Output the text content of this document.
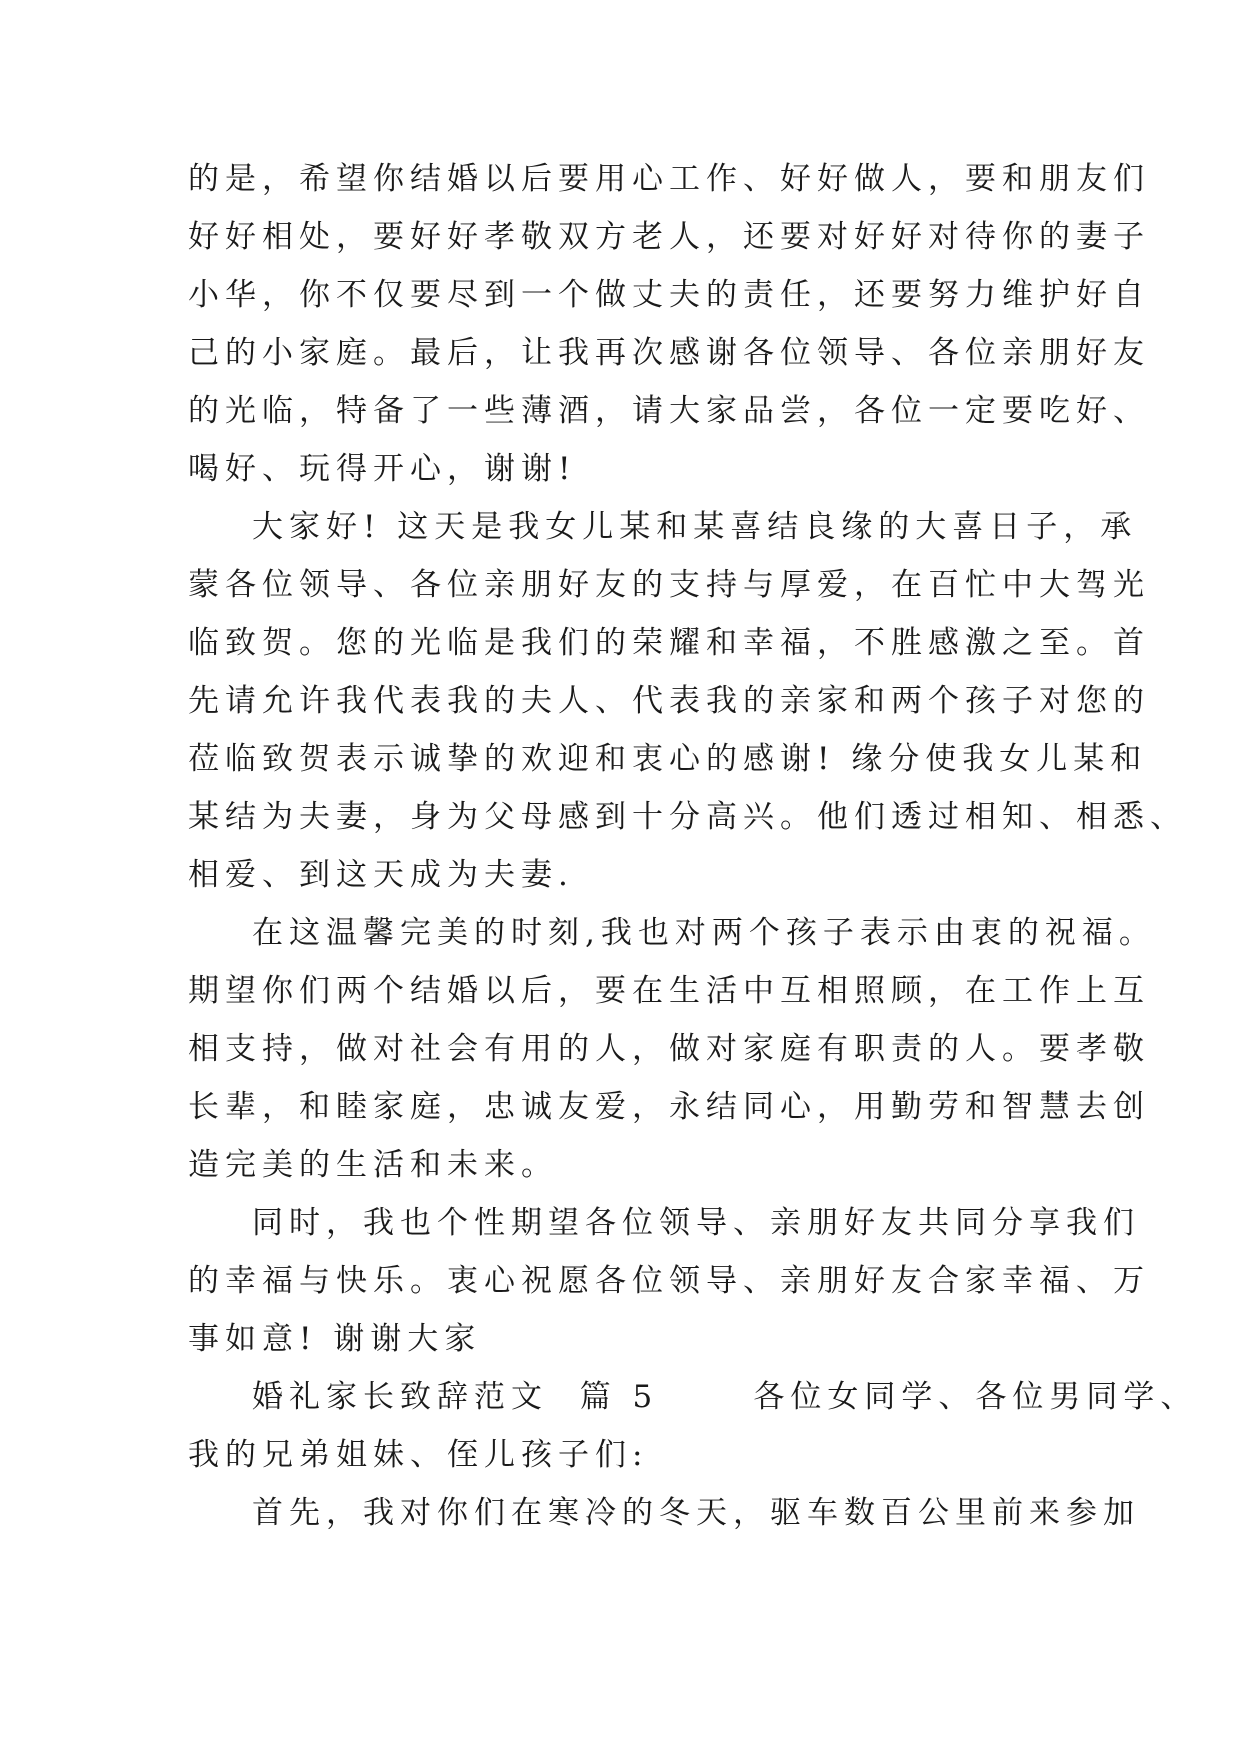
的是，希望你结婚以后要用心工作、好好做人，要和朋友们
好好相处，要好好孝敬双方老人，还要对好好对待你的妻子
小华，你不仅要尽到一个做丈夫的责任，还要努力维护好自
己的小家庭。最后，让我再次感谢各位领导、各位亲朋好友
的光临，特备了一些薄酒，请大家品尝，各位一定要吃好、
喝好、玩得开心，谢谢!
大家好! 这天是我女儿某和某喜结良缘的大喜日子，承
蒙各位领导、各位亲朋好友的支持与厚爱，在百忙中大驾光
临致贺。您的光临是我们的荣耀和幸福，不胜感激之至。首
先请允许我代表我的夫人、代表我的亲家和两个孩子对您的
莅临致贺表示诚挚的欢迎和衷心的感谢! 缘分使我女儿某和
某结为夫妻，身为父母感到十分高兴。他们透过相知、相悉、
相爱、到这天成为夫妻.
在这温馨完美的时刻,我也对两个孩子表示由衷的祝福。
期望你们两个结婚以后，要在生活中互相照顾，在工作上互
相支持，做对社会有用的人，做对家庭有职责的人。要孝敬
长辈，和睦家庭，忠诚友爱，永结同心，用勤劳和智慧去创
造完美的生活和未来。
同时，我也个性期望各位领导、亲朋好友共同分享我们
的幸福与快乐。衷心祝愿各位领导、亲朋好友合家幸福、万
事如意! 谢谢大家
婚礼家长致辞范文  篇 5      各位女同学、各位男同学、
我的兄弟姐妹、侄儿孩子们:
首先，我对你们在寒冷的冬天，驱车数百公里前来参加
